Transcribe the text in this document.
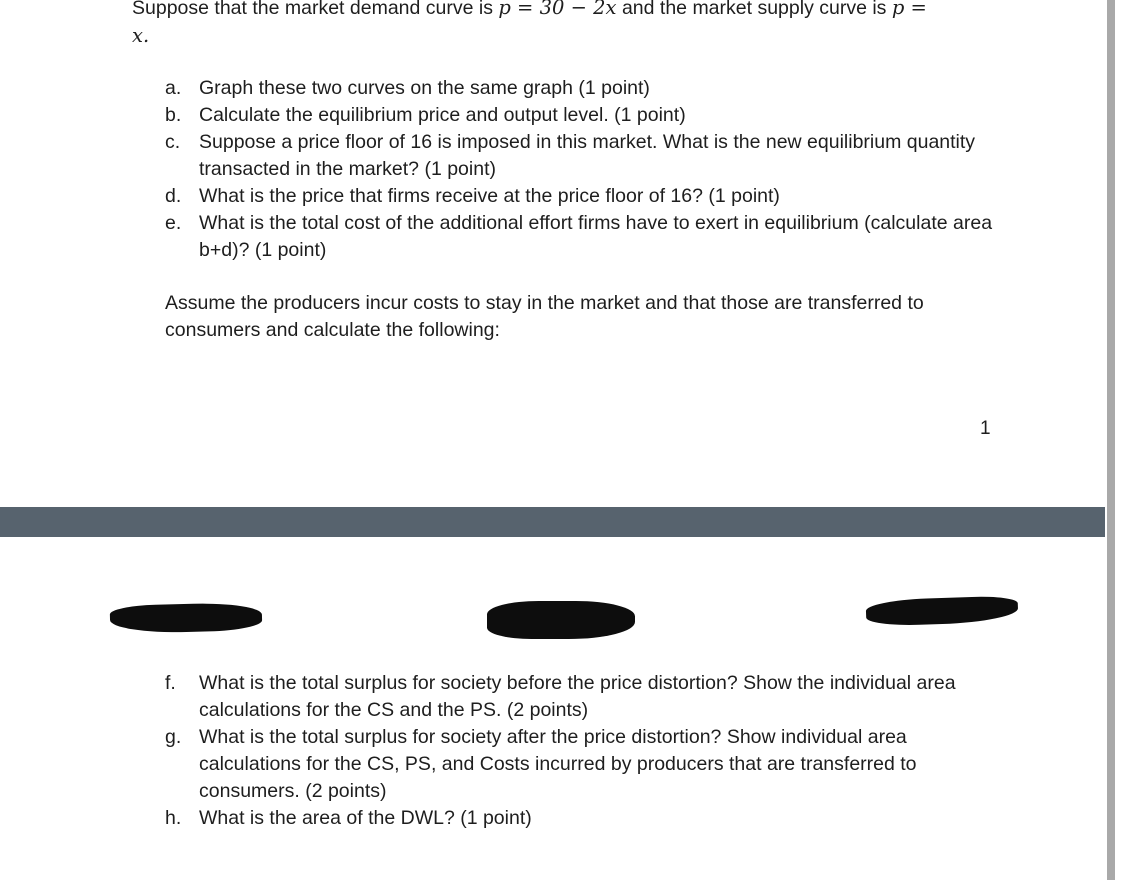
Suppose that the market demand curve is p = 30 − 2x and the market supply curve is p =
x.
a. Graph these two curves on the same graph (1 point)
b. Calculate the equilibrium price and output level. (1 point)
c. Suppose a price floor of 16 is imposed in this market. What is the new equilibrium quantity transacted in the market? (1 point)
d. What is the price that firms receive at the price floor of 16? (1 point)
e. What is the total cost of the additional effort firms have to exert in equilibrium (calculate area b+d)? (1 point)
Assume the producers incur costs to stay in the market and that those are transferred to consumers and calculate the following:
1
f. What is the total surplus for society before the price distortion? Show the individual area calculations for the CS and the PS. (2 points)
g. What is the total surplus for society after the price distortion? Show individual area calculations for the CS, PS, and Costs incurred by producers that are transferred to consumers. (2 points)
h. What is the area of the DWL? (1 point)
